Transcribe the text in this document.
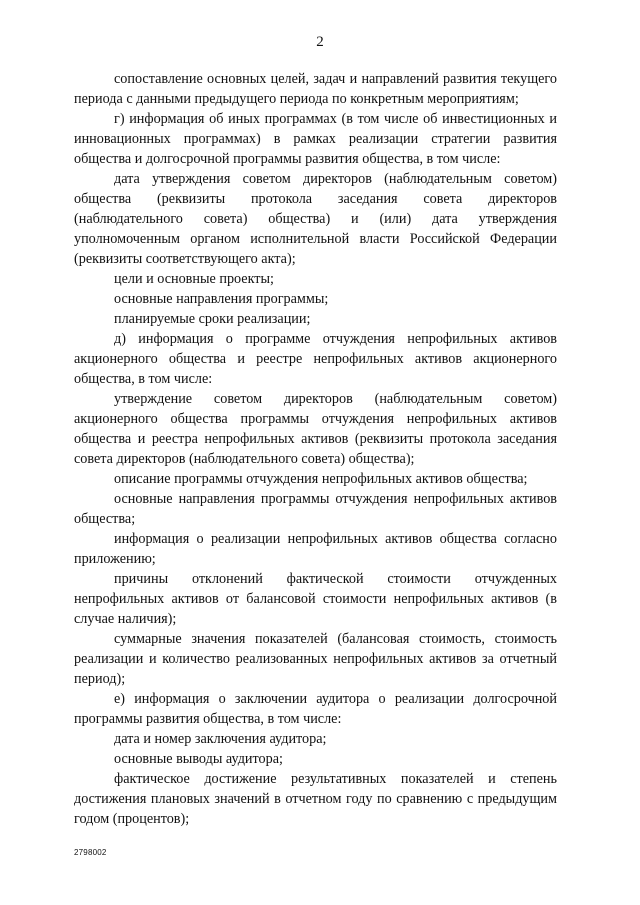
2

сопоставление основных целей, задач и направлений развития текущего периода с данными предыдущего периода по конкретным мероприятиям;

г) информация об иных программах (в том числе об инвестиционных и инновационных программах) в рамках реализации стратегии развития общества и долгосрочной программы развития общества, в том числе:

дата утверждения советом директоров (наблюдательным советом) общества (реквизиты протокола заседания совета директоров (наблюдательного совета) общества) и (или) дата утверждения уполномоченным органом исполнительной власти Российской Федерации (реквизиты соответствующего акта);

цели и основные проекты;

основные направления программы;

планируемые сроки реализации;

д) информация о программе отчуждения непрофильных активов акционерного общества и реестре непрофильных активов акционерного общества, в том числе:

утверждение советом директоров (наблюдательным советом) акционерного общества программы отчуждения непрофильных активов общества и реестра непрофильных активов (реквизиты протокола заседания совета директоров (наблюдательного совета) общества);

описание программы отчуждения непрофильных активов общества;

основные направления программы отчуждения непрофильных активов общества;

информация о реализации непрофильных активов общества согласно приложению;

причины отклонений фактической стоимости отчужденных непрофильных активов от балансовой стоимости непрофильных активов (в случае наличия);

суммарные значения показателей (балансовая стоимость, стоимость реализации и количество реализованных непрофильных активов за отчетный период);

е) информация о заключении аудитора о реализации долгосрочной программы развития общества, в том числе:

дата и номер заключения аудитора;

основные выводы аудитора;

фактическое достижение результативных показателей и степень достижения плановых значений в отчетном году по сравнению с предыдущим годом (процентов);

2798002
